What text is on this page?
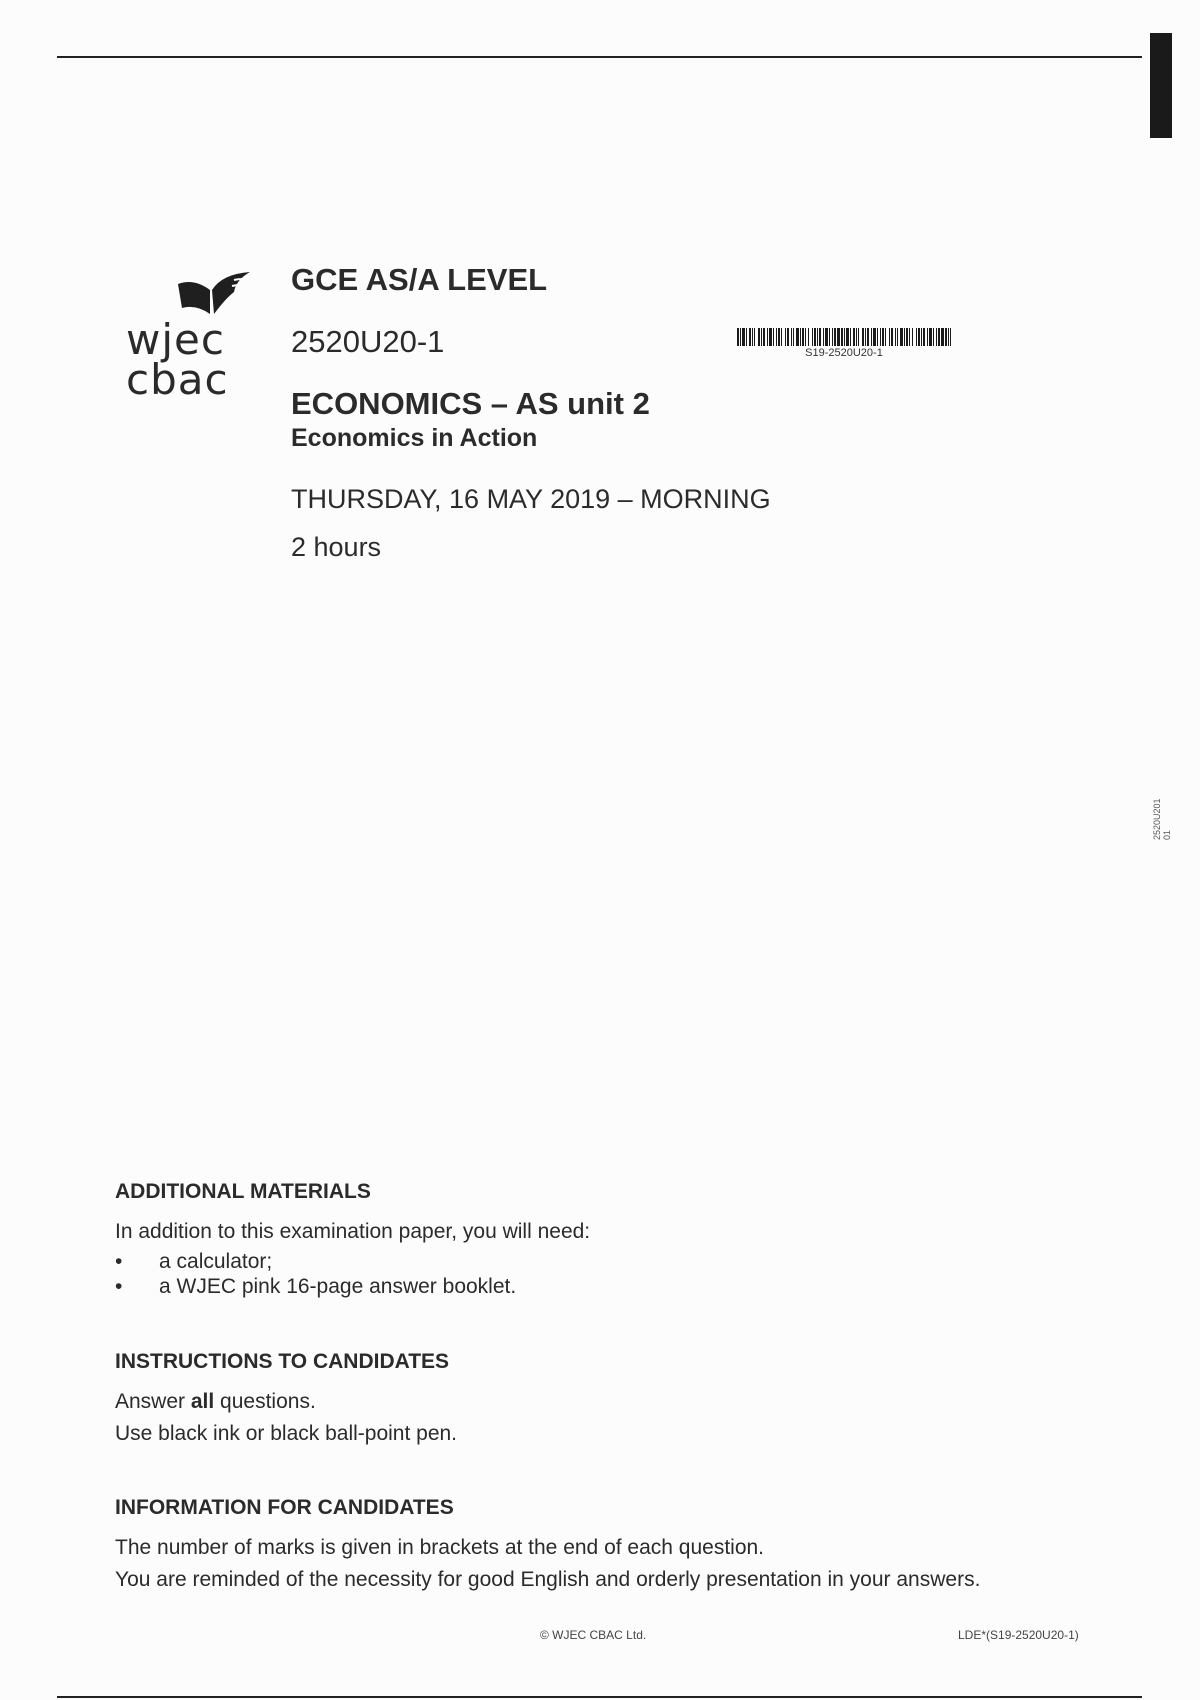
wjec
cbac
GCE AS/A LEVEL
2520U20-1
ECONOMICS – AS unit 2
Economics in Action
THURSDAY, 16 MAY 2019 – MORNING
2 hours
S19-2520U20-1
2520U201 01
ADDITIONAL MATERIALS
In addition to this examination paper, you will need:
• a calculator;
• a WJEC pink 16-page answer booklet.
INSTRUCTIONS TO CANDIDATES
Answer all questions.
Use black ink or black ball-point pen.
INFORMATION FOR CANDIDATES
The number of marks is given in brackets at the end of each question.
You are reminded of the necessity for good English and orderly presentation in your answers.
© WJEC CBAC Ltd.	LDE*(S19-2520U20-1)
